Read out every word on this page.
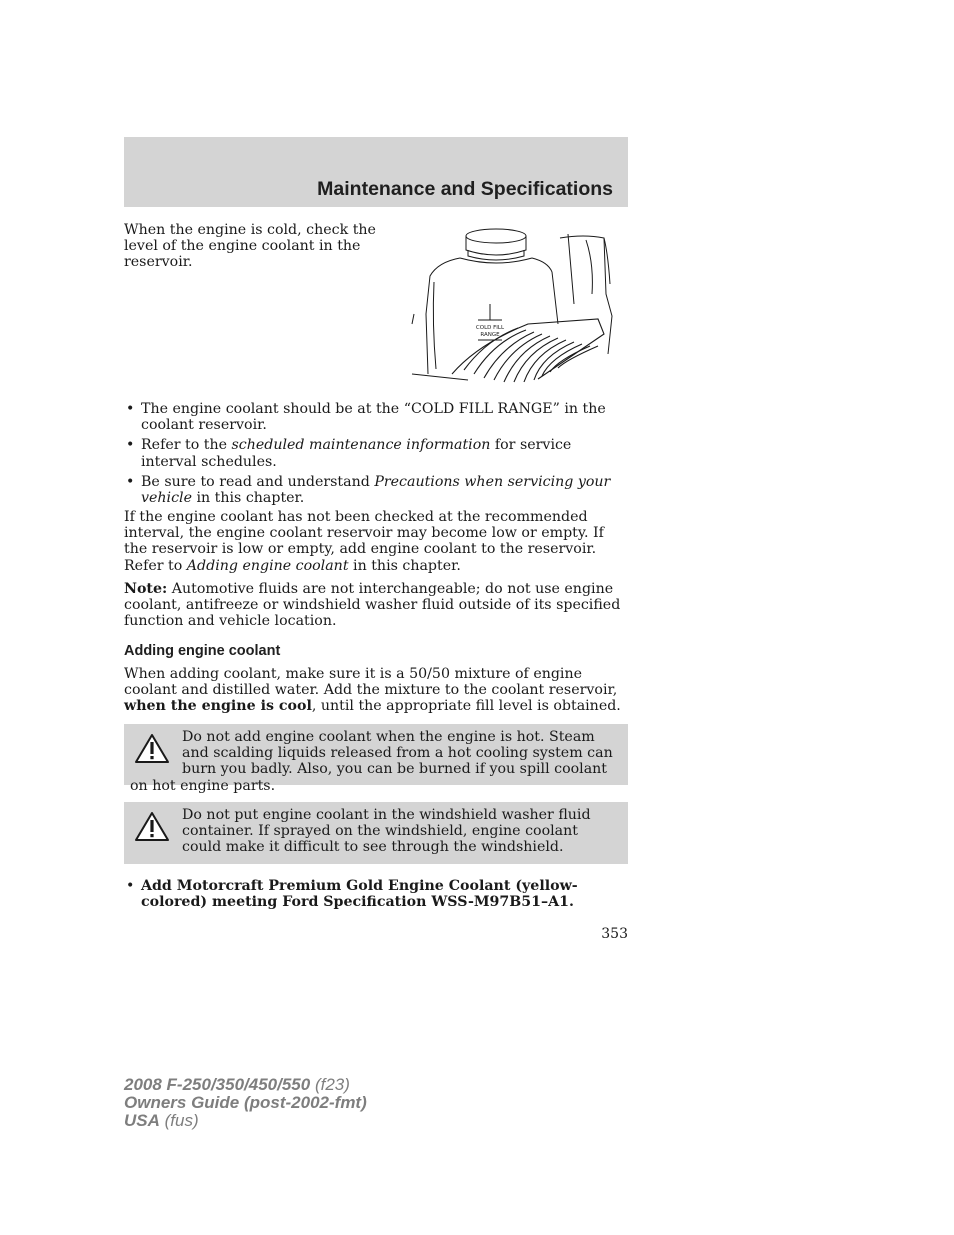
Maintenance and Specifications

When the engine is cold, check the level of the engine coolant in the reservoir.

COLD FILL
RANGE
• The engine coolant should be at the “COLD FILL RANGE” in the coolant reservoir.
• Refer to the scheduled maintenance information for service interval schedules.
• Be sure to read and understand Precautions when servicing your vehicle in this chapter.

If the engine coolant has not been checked at the recommended interval, the engine coolant reservoir may become low or empty. If the reservoir is low or empty, add engine coolant to the reservoir. Refer to Adding engine coolant in this chapter.

Note: Automotive fluids are not interchangeable; do not use engine coolant, antifreeze or windshield washer fluid outside of its specified function and vehicle location.

Adding engine coolant

When adding coolant, make sure it is a 50/50 mixture of engine coolant and distilled water. Add the mixture to the coolant reservoir, when the engine is cool, until the appropriate fill level is obtained.

Do not add engine coolant when the engine is hot. Steam and scalding liquids released from a hot cooling system can burn you badly. Also, you can be burned if you spill coolant on hot engine parts.
Do not put engine coolant in the windshield washer fluid container. If sprayed on the windshield, engine coolant could make it difficult to see through the windshield.
• Add Motorcraft Premium Gold Engine Coolant (yellow-colored) meeting Ford Specification WSS-M97B51–A1.
353
2008 F-250/350/450/550 (f23)
Owners Guide (post-2002-fmt)
USA (fus)
